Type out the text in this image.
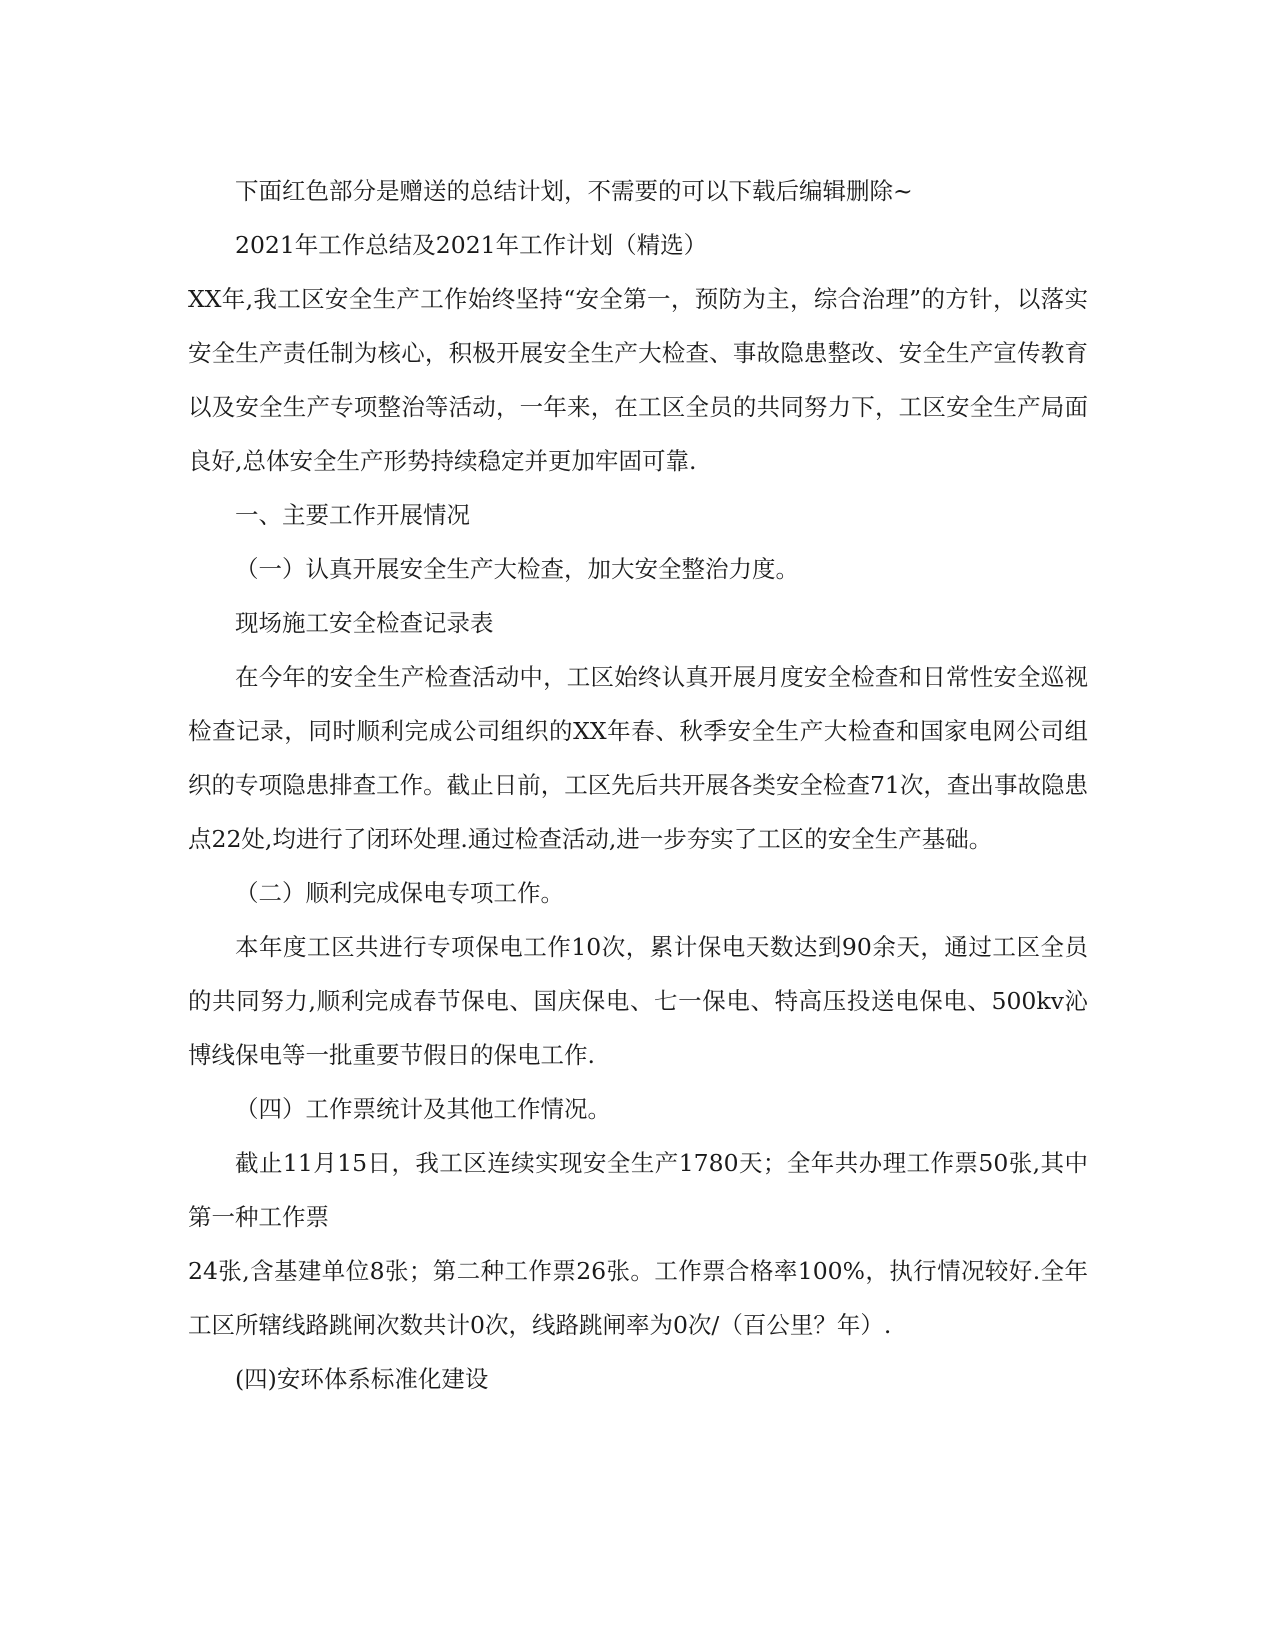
下面红色部分是赠送的总结计划，不需要的可以下载后编辑删除~

2021年工作总结及2021年工作计划（精选）

XX年,我工区安全生产工作始终坚持“安全第一，预防为主，综合治理”的方针，以落实安全生产责任制为核心，积极开展安全生产大检查、事故隐患整改、安全生产宣传教育以及安全生产专项整治等活动，一年来，在工区全员的共同努力下，工区安全生产局面良好,总体安全生产形势持续稳定并更加牢固可靠.

一、主要工作开展情况

（一）认真开展安全生产大检查，加大安全整治力度。

现场施工安全检查记录表

在今年的安全生产检查活动中，工区始终认真开展月度安全检查和日常性安全巡视检查记录，同时顺利完成公司组织的XX年春、秋季安全生产大检查和国家电网公司组织的专项隐患排查工作。截止日前，工区先后共开展各类安全检查71次，查出事故隐患点22处,均进行了闭环处理.通过检查活动,进一步夯实了工区的安全生产基础。

（二）顺利完成保电专项工作。

本年度工区共进行专项保电工作10次，累计保电天数达到90余天，通过工区全员的共同努力,顺利完成春节保电、国庆保电、七一保电、特高压投送电保电、500kv沁博线保电等一批重要节假日的保电工作.

（四）工作票统计及其他工作情况。

截止11月15日，我工区连续实现安全生产1780天；全年共办理工作票50张,其中第一种工作票

24张,含基建单位8张；第二种工作票26张。工作票合格率100%，执行情况较好.全年工区所辖线路跳闸次数共计0次，线路跳闸率为0次/（百公里？年）.

(四)安环体系标准化建设
